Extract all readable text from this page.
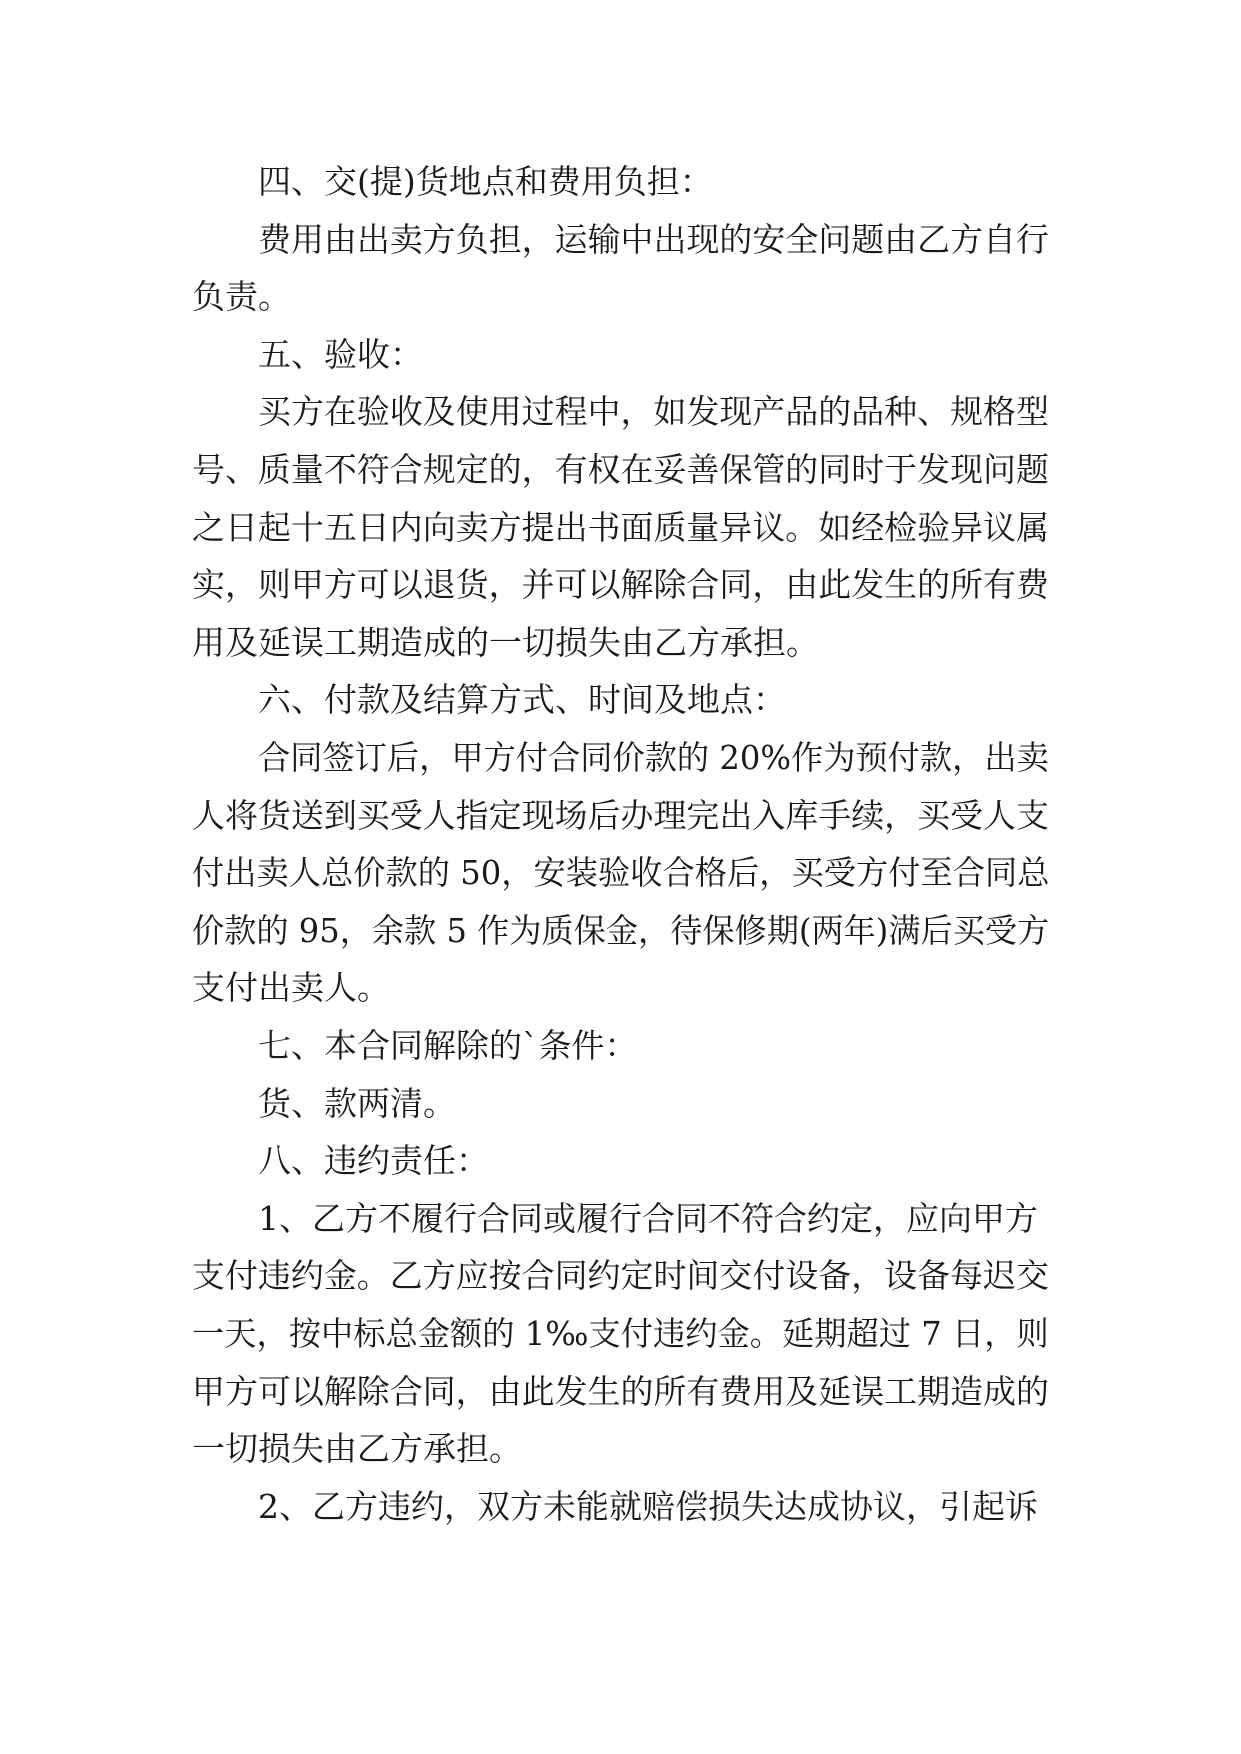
四、交(提)货地点和费用负担：
费用由出卖方负担，运输中出现的安全问题由乙方自行
负责。
五、验收：
买方在验收及使用过程中，如发现产品的品种、规格型
号、质量不符合规定的，有权在妥善保管的同时于发现问题
之日起十五日内向卖方提出书面质量异议。如经检验异议属
实，则甲方可以退货，并可以解除合同，由此发生的所有费
用及延误工期造成的一切损失由乙方承担。
六、付款及结算方式、时间及地点：
合同签订后，甲方付合同价款的 20%作为预付款，出卖
人将货送到买受人指定现场后办理完出入库手续，买受人支
付出卖人总价款的 50，安装验收合格后，买受方付至合同总
价款的 95，余款 5 作为质保金，待保修期(两年)满后买受方
支付出卖人。
七、本合同解除的`条件：
货、款两清。
八、违约责任：
1、乙方不履行合同或履行合同不符合约定，应向甲方
支付违约金。乙方应按合同约定时间交付设备，设备每迟交
一天，按中标总金额的 1‰支付违约金。延期超过 7 日，则
甲方可以解除合同，由此发生的所有费用及延误工期造成的
一切损失由乙方承担。
2、乙方违约，双方未能就赔偿损失达成协议，引起诉
